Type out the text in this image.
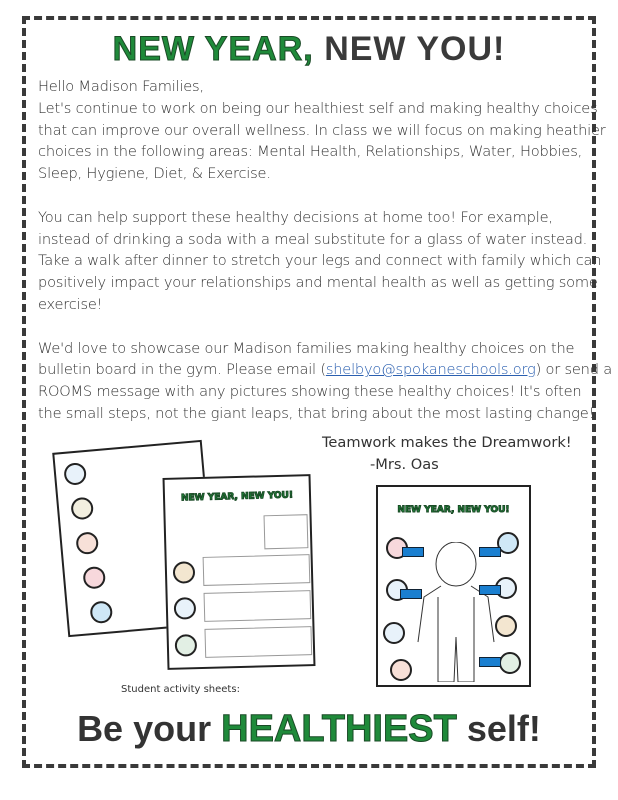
NEW YEAR, NEW YOU!
Hello Madison Families,
Let's continue to work on being our healthiest self and making healthy choices
that can improve our overall wellness. In class we will focus on making heathier
choices in the following areas: Mental Health, Relationships, Water, Hobbies,
Sleep, Hygiene, Diet, & Exercise.
You can help support these healthy decisions at home too! For example,
instead of drinking a soda with a meal substitute for a glass of water instead.
Take a walk after dinner to stretch your legs and connect with family which can
positively impact your relationships and mental health as well as getting some
exercise!
We'd love to showcase our Madison families making healthy choices on the
bulletin board in the gym. Please email (shelbyo@spokaneschools.org) or send a
ROOMS message with any pictures showing these healthy choices! It's often
the small steps, not the giant leaps, that bring about the most lasting change!
Teamwork makes the Dreamwork!
-Mrs. Oas
NEW YEAR, NEW YOU!
NEW YEAR, NEW YOU!
Student activity sheets:
Be your HEALTHIEST self!
